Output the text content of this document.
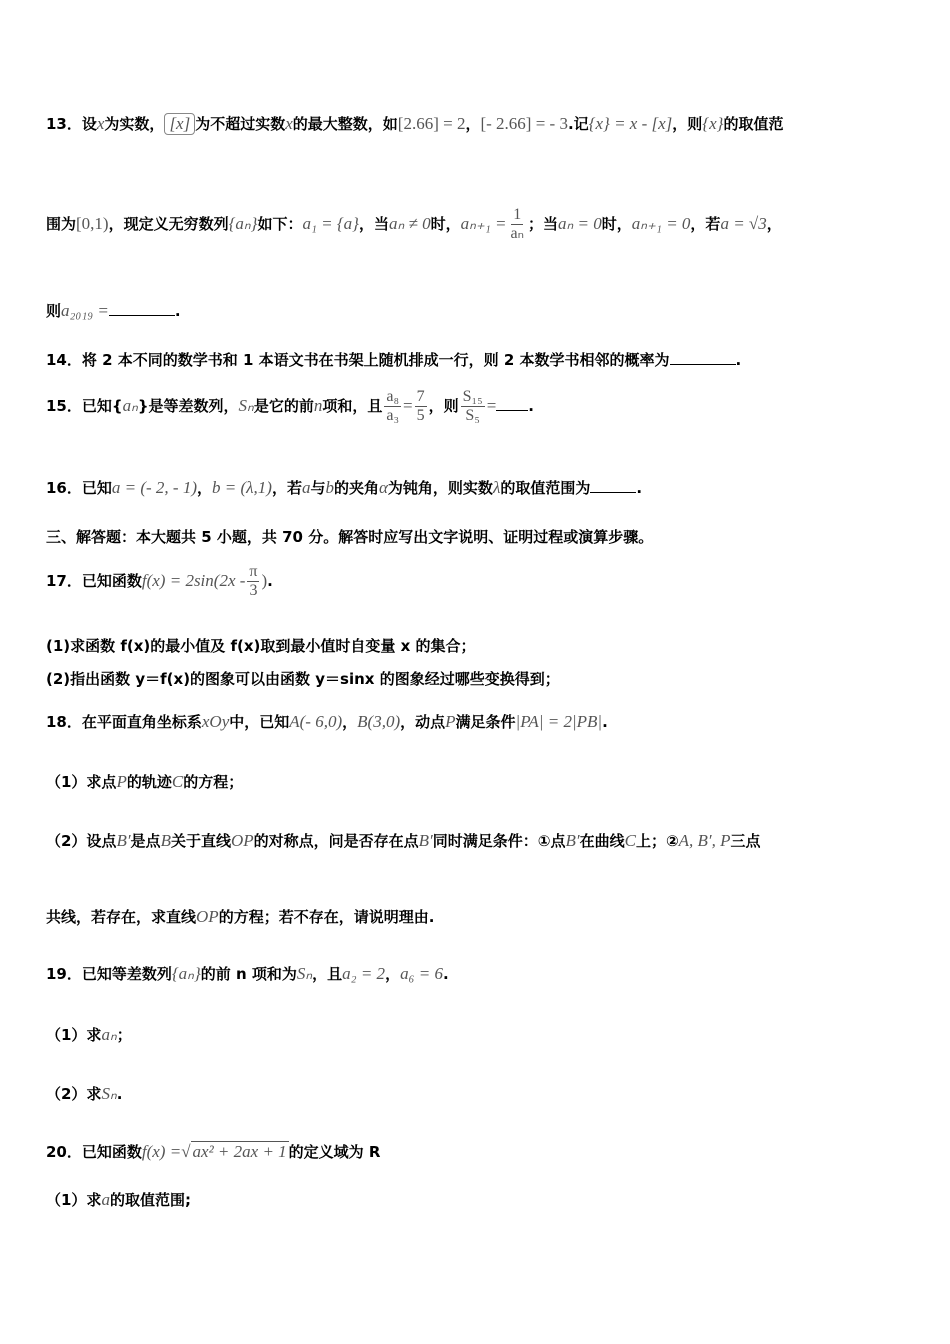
13．设x为实数， [x] 为不超过实数x的最大整数，如[2.66] = 2，[- 2.66] = - 3.记{x} = x - [x]，则{x}的取值范
围为[0,1)，现定义无穷数列{aₙ}如下：a₁ = {a}，当aₙ ≠ 0时，$a_{n+1} = \frac{1}{\text{aₙ}}$ ；当aₙ = 0时，aₙ₊₁ = 0，若a = √3，
则a₂₀₁₉ =	.
14．将 2 本不同的数学书和 1 本语文书在书架上随机排成一行，则 2 本数学书相邻的概率为	.
15．已知{aₙ}是等差数列，Sₙ是它的前n项和，且 $\frac{\text{a₈}}{\text{a₃}} = \frac{7}{5}$ ，则 $\frac{\text{S₁₅}}{\text{S₅}}$ = .
16．已知a = (- 2, - 1)，b = (λ,1)，若a与b的夹角α为钝角，则实数λ的取值范围为	.
三、解答题：本大题共 5 小题，共 70 分。解答时应写出文字说明、证明过程或演算步骤。
17．已知函数$f(x) = 2\sin(2x - \frac{\pi}{3}$ ).
(1)求函数 f(x)的最小值及 f(x)取到最小值时自变量 x 的集合；
(2)指出函数 y＝f(x)的图象可以由函数 y＝sinx 的图象经过哪些变换得到；
18．在平面直角坐标系xOy中，已知A(- 6,0)，B(3,0)，动点P满足条件|PA| = 2|PB|.
（1）求点P的轨迹C的方程；
（2）设点B′是点B关于直线OP的对称点，问是否存在点B′同时满足条件：①点B′在曲线C上；②A, B′, P三点
共线，若存在，求直线OP的方程；若不存在，请说明理由.
19．已知等差数列{aₙ}的前 n 项和为Sₙ，且a₂ = 2，a₆ = 6.
（1）求aₙ；
（2）求Sₙ.
20．已知函数f(x) =√ ax² + 2ax + 1 的定义域为 R
（1）求a的取值范围;
